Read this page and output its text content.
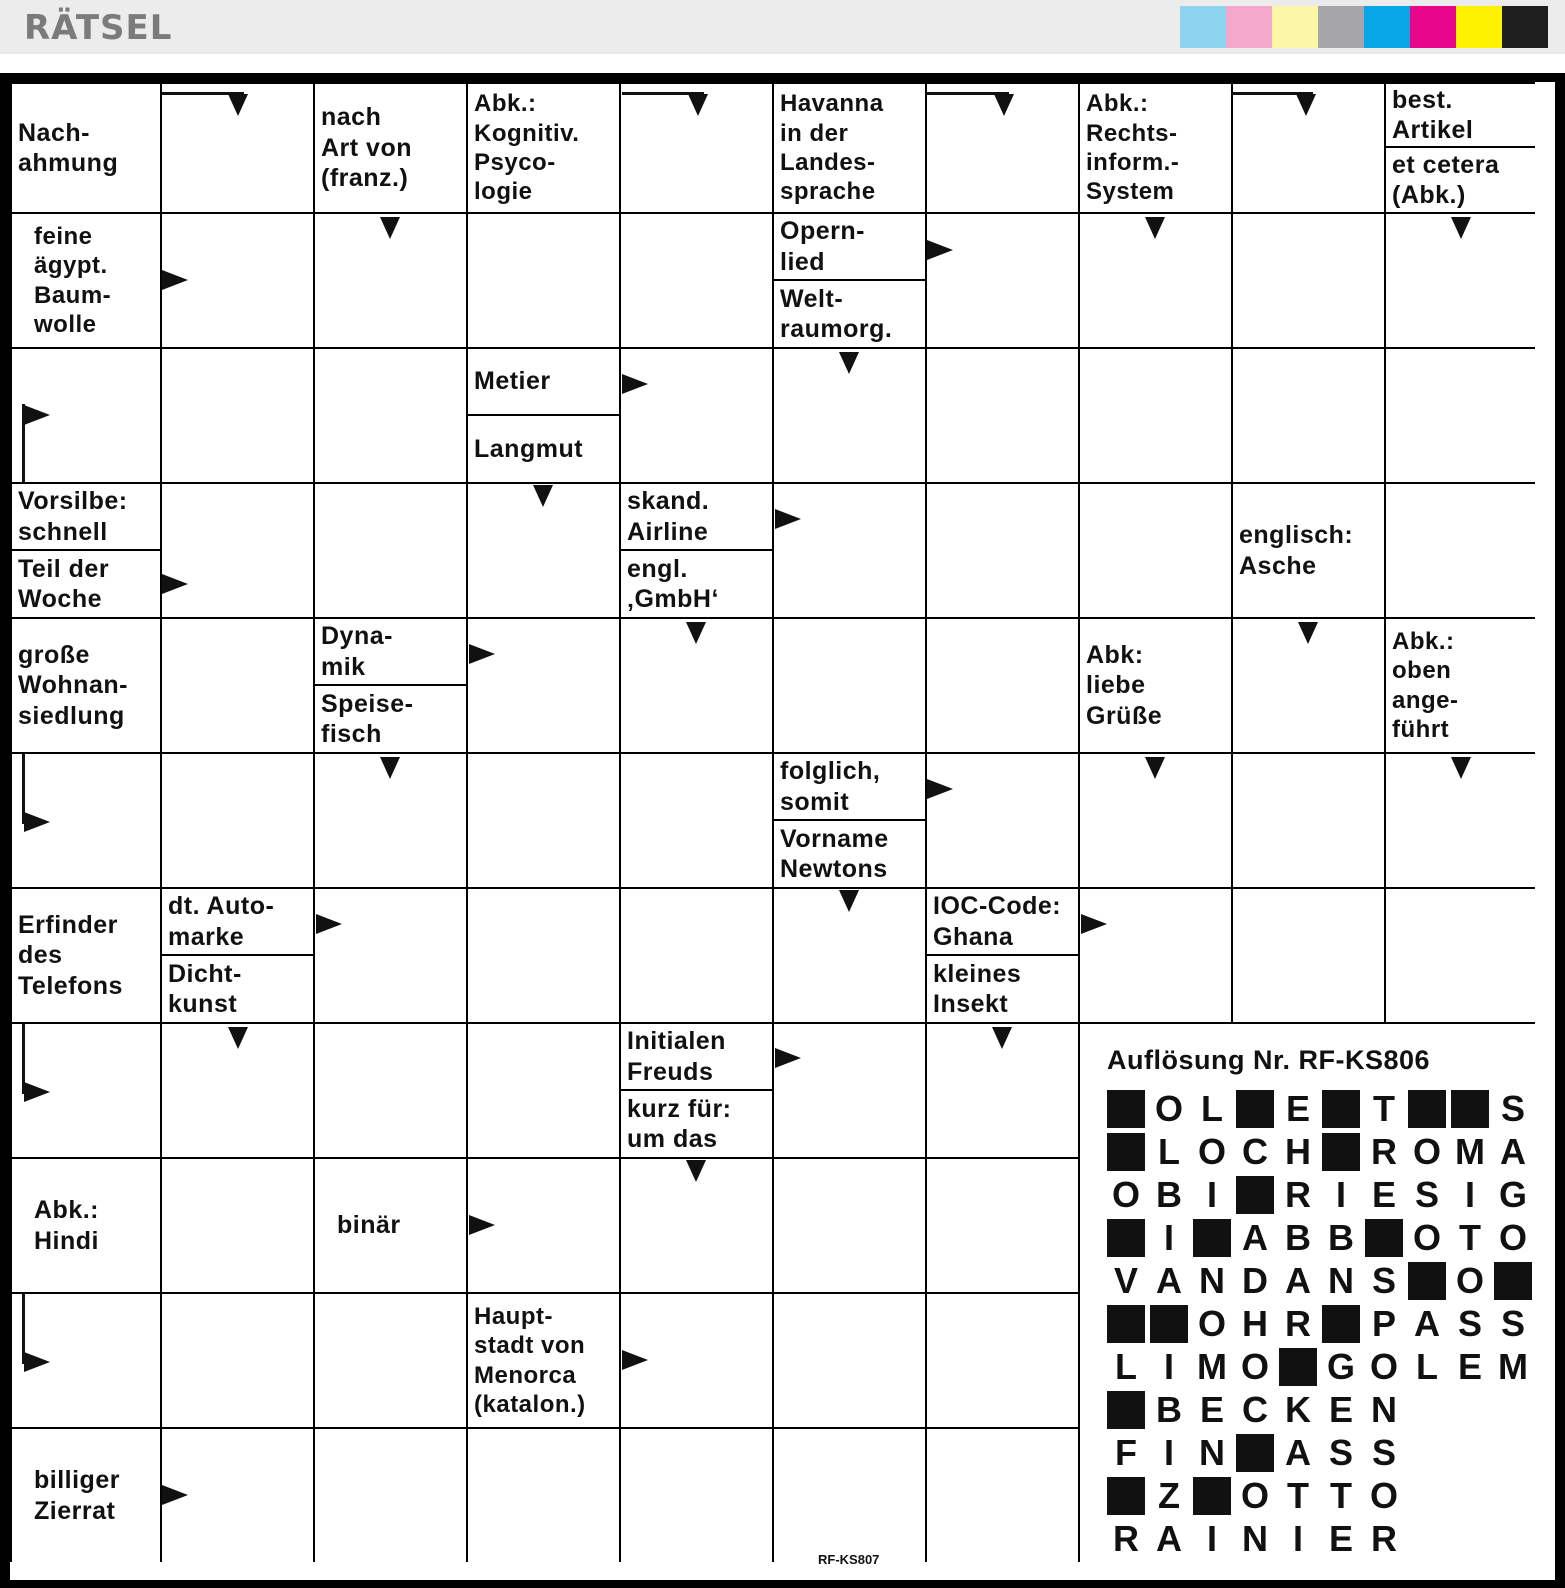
RÄTSEL
Nach-
ahmung
nach
Art von
(franz.)
Abk.:
Kognitiv.
Psyco-
logie
Havanna
in der
Landes-
sprache
Abk.:
Rechts-
inform.-
System
best.
Artikel
et cetera
(Abk.)
feine
ägypt.
Baum-
wolle
Opern-
lied
Welt-
raumorg.
Metier
Langmut
Vorsilbe:
schnell
Teil der
Woche
skand.
Airline
engl.
‚GmbH‘
englisch:
Asche
große
Wohnan-
siedlung
Dyna-
mik
Speise-
fisch
Abk:
liebe
Grüße
Abk.:
oben
ange-
führt
folglich,
somit
Vorname
Newtons
Erfinder
des
Telefons
dt. Auto-
marke
Dicht-
kunst
IOC-Code:
Ghana
kleines
Insekt
Initialen
Freuds
kurz für:
um das
Abk.:
Hindi
binär
Haupt-
stadt von
Menorca
(katalon.)
billiger
Zierrat
Auflösung Nr. RF-KS806
O L E T	S
L O C H R O M A
O B I	R I E S I G
I	A B B O T O
V A N D A N S O
O H R P A S S
L I M O G O L E M
B E C K E N
F I N A S S
Z O T T O
R A I N I E R
RF-KS807
